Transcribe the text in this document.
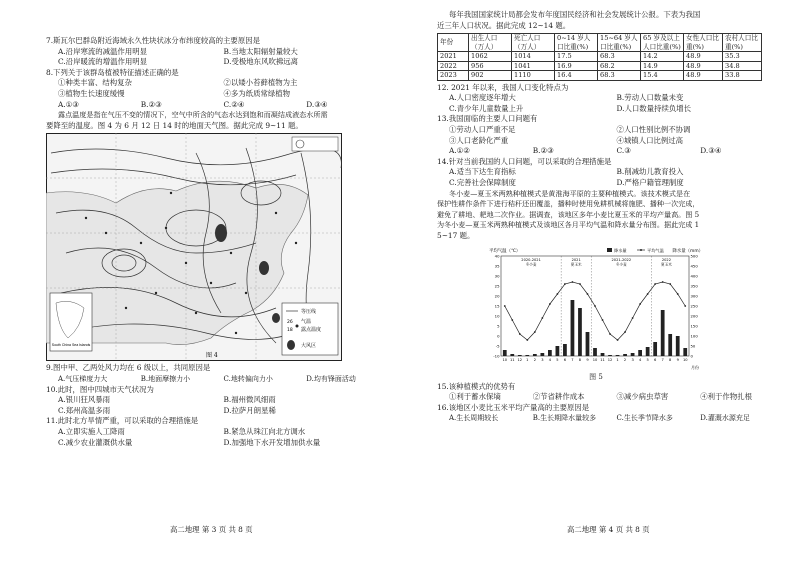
7.斯瓦尔巴群岛附近海域永久性块状冰分布纬度较高的主要原因是
A.沿岸寒流的减温作用明显	B.当地太阳辐射量较大
C.沿岸暖流的增温作用明显	D.受极地东风吹拂远离
8.下列关于该群岛植被特征描述正确的是
①种类丰富、结构复杂	②以矮小苔藓植物为主
③植物生长速度缓慢	④多为纸质常绿植物
A.①③	B.②③	C.②④	D.③④
露点温度是指在气压不变的情况下，空气中所含的气态水达到饱和而凝结成液态水所需
要降至的温度。图 4 为 6 月 12 日 14 时的地面天气图。据此完成 9~11 题。
South China Sea Islands
等压线
26
18
气温
露点温度
大风区
图 4
9.图中甲、乙两处风力均在 6 级以上，共同原因是
A.气压梯度力大	B.地面摩擦力小	C.地转偏向力小	D.均有锋面活动
10.此时，图中四城市天气状况为
A.银川狂风暴雨	B.福州微风细雨
C.郑州高温多雨	D.拉萨月朗星稀
11.此时北方旱情严重，可以采取的合理措施是
A.立即实施人工降雨	B.紧急从珠江向北方调水
C.减少农业灌溉供水量	D.加强地下水开发增加供水量
高二地理 第 3 页 共 8 页
每年我国国家统计局都会发布年度国民经济和社会发展统计公报。下表为我国
近三年人口状况。据此完成 12~14 题。
年份	出生人口（万人）	死亡人口（万人）	0~14 岁人口比重(%)	15~64 岁人口比重(%)	65 岁及以上人口比重(%)	女性人口比重(%)	农村人口比重(%)
2021	1062	1014	17.5	68.3	14.2	48.9	35.3
2022	956	1041	16.9	68.2	14.9	48.9	34.8
2023	902	1110	16.4	68.3	15.4	48.9	33.8
12. 2021 年以来，我国人口变化特点为
A.人口密度逐年增大	B.劳动人口数量未变
C.青少年儿童数量上升	D.人口数量持续负增长
13.我国面临的主要人口问题有
①劳动人口严重不足	②人口性别比例不协调
③人口老龄化严重	④城镇人口比例过高
A.①②	B.②③	C.③	D.③④
14.针对当前我国的人口问题，可以采取的合理措施是
A.适当下达生育指标	B.削减幼儿教育投入
C.完善社会保障制度	D.严格户籍管理制度
冬小麦—夏玉米两熟种植模式是黄淮海平原的主要种植模式。该技术模式是在
保护性耕作条件下进行秸秆还田覆盖，播种时使用免耕机械将施肥、播种一次完成，
避免了耕地、耙地二次作业。据调查，该地区多年小麦比夏玉米的平均产量高。图 5
为冬小麦—夏玉米两熟种植模式及该地区各月平均气温和降水量分布图。据此完成 1
5~17 题。
平均气温（℃）	降水量（mm）
降水量	平均气温
40
35
30
25
20
15
10
5
0
-5
-10
500
450
400
350
300
250
200
150
100
50
0
10 11 12 1 2 3 4 5 6 7 8 9 10 11 12 1 2 3 4 5 6 7 8 9 10
2020-2021
冬小麦
2021
夏玉米
2021-2022
冬小麦
2022
夏玉米
月份
图 5
15.该种植模式的优势有
①利于蓄水保墒	②节省耕作成本	③减少病虫草害	④利于作物扎根
16.该地区小麦比玉米平均产量高的主要原因是
A.生长周期较长	B.生长期降水量较多	C.生长季节降水多	D.灌溉水源充足
高二地理 第 4 页 共 8 页
